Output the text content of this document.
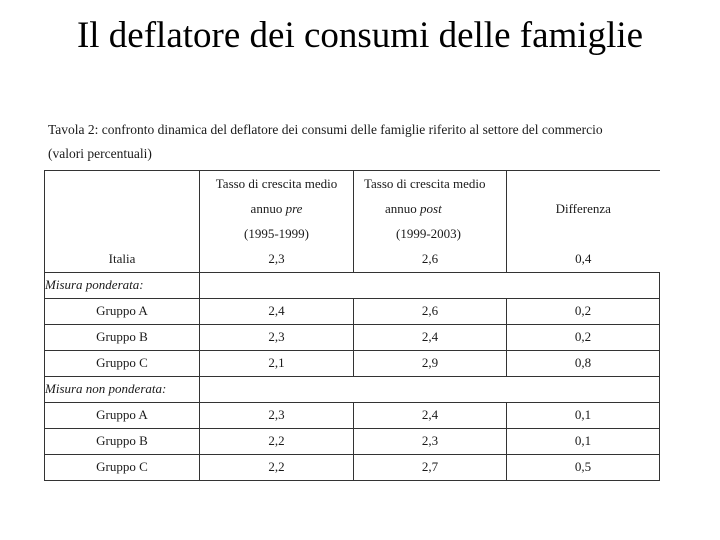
Il deflatore dei consumi delle famiglie
Tavola 2: confronto dinamica del deflatore dei consumi delle famiglie riferito al settore del commercio
(valori percentuali)

	Tasso di crescita medio
annuo pre
(1995-1999)	Tasso di crescita medio
annuo post
(1999-2003)	Differenza

Italia	2,3	2,6	0,4
Misura ponderata:			
Gruppo A	2,4	2,6	0,2
Gruppo B	2,3	2,4	0,2
Gruppo C	2,1	2,9	0,8
Misura non ponderata:			
Gruppo A	2,3	2,4	0,1
Gruppo B	2,2	2,3	0,1
Gruppo C	2,2	2,7	0,5
